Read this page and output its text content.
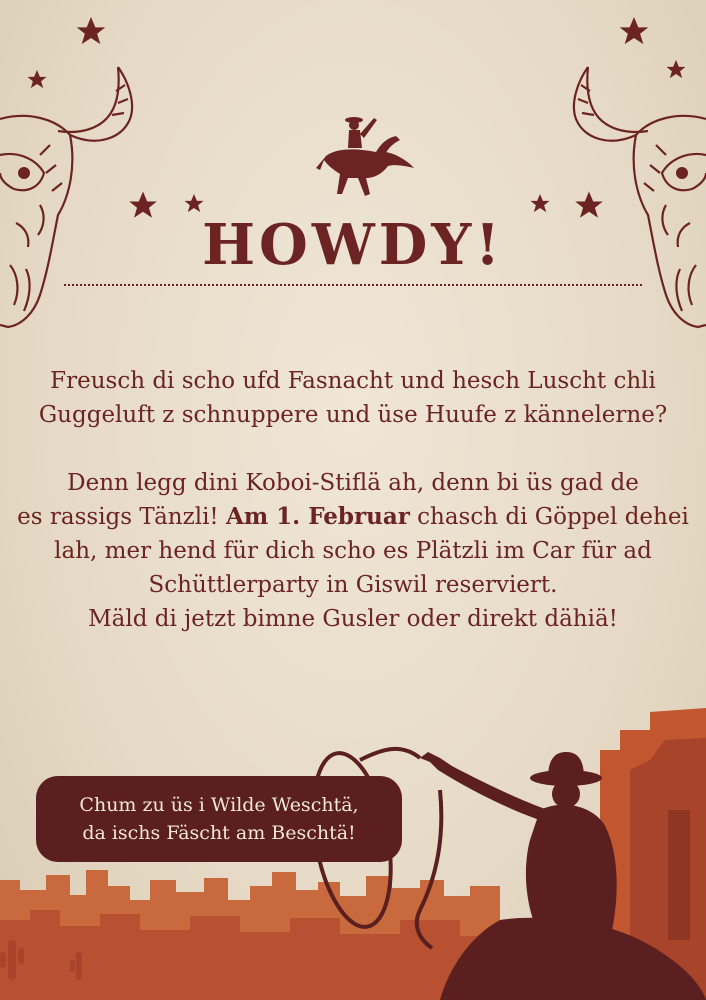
HOWDY!

Freusch di scho ufd Fasnacht und hesch Luscht chli
Guggeluft z schnuppere und üse Huufe z kännelerne?

Denn legg dini Koboi-Stiflä ah, denn bi üs gad de
es rassigs Tänzli! Am 1. Februar chasch di Göppel dehei
lah, mer hend für dich scho es Plätzli im Car für ad
Schüttlerparty in Giswil reserviert.
Mäld di jetzt bimne Gusler oder direkt dähiä!

Chum zu üs i Wilde Weschtä,
da ischs Fäscht am Beschtä!
